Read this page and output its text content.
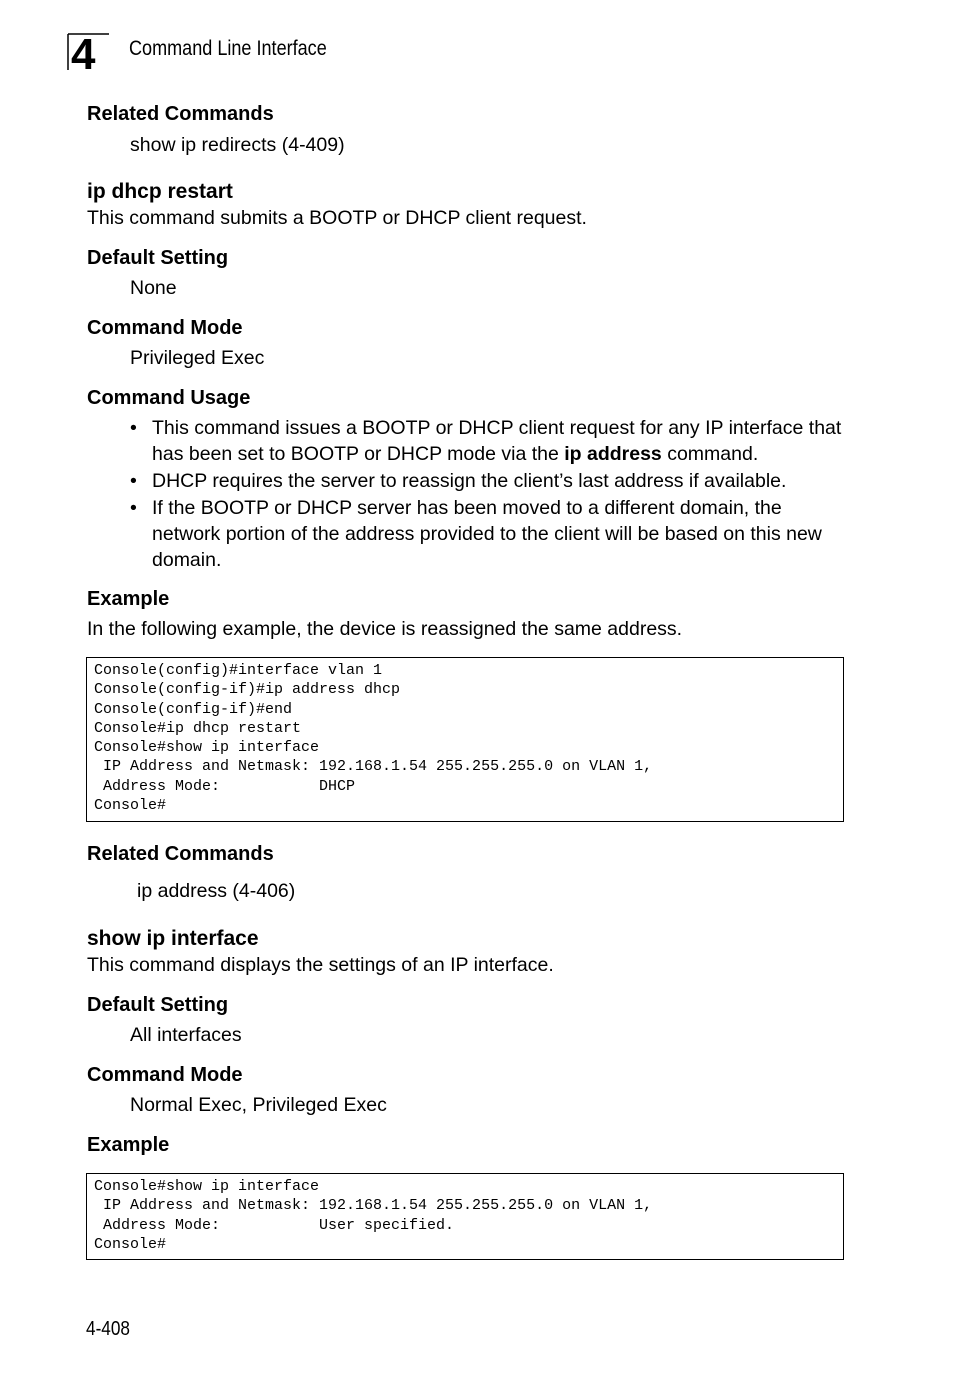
4 Command Line Interface
Related Commands
show ip redirects (4-409)
ip dhcp restart
This command submits a BOOTP or DHCP client request.
Default Setting
None
Command Mode
Privileged Exec
Command Usage
• This command issues a BOOTP or DHCP client request for any IP interface that has been set to BOOTP or DHCP mode via the ip address command.
• DHCP requires the server to reassign the client’s last address if available.
• If the BOOTP or DHCP server has been moved to a different domain, the network portion of the address provided to the client will be based on this new domain.
Example
In the following example, the device is reassigned the same address.
Console(config)#interface vlan 1
Console(config-if)#ip address dhcp
Console(config-if)#end
Console#ip dhcp restart
Console#show ip interface
IP Address and Netmask: 192.168.1.54 255.255.255.0 on VLAN 1,
Address Mode:           DHCP
Console#
Related Commands
ip address (4-406)
show ip interface
This command displays the settings of an IP interface.
Default Setting
All interfaces
Command Mode
Normal Exec, Privileged Exec
Example
Console#show ip interface
IP Address and Netmask: 192.168.1.54 255.255.255.0 on VLAN 1,
Address Mode:           User specified.
Console#
4-408
